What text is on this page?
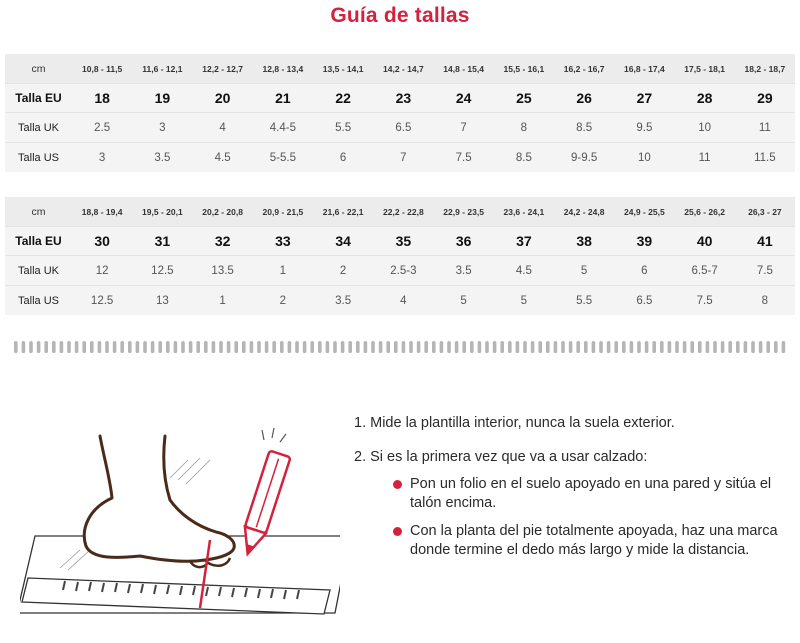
Guía de tallas
cm	10,8 - 11,5	11,6 - 12,1	12,2 - 12,7	12,8 - 13,4	13,5 - 14,1	14,2 - 14,7	14,8 - 15,4	15,5 - 16,1	16,2 - 16,7	16,8 - 17,4	17,5 - 18,1	18,2 - 18,7
Talla EU	18	19	20	21	22	23	24	25	26	27	28	29
Talla UK	2.5	3	4	4.4-5	5.5	6.5	7	8	8.5	9.5	10	11
Talla US	3	3.5	4.5	5-5.5	6	7	7.5	8.5	9-9.5	10	11	11.5
cm	18,8 - 19,4	19,5 - 20,1	20,2 - 20,8	20,9 - 21,5	21,6 - 22,1	22,2 - 22,8	22,9 - 23,5	23,6 - 24,1	24,2 - 24,8	24,9 - 25,5	25,6 - 26,2	26,3 - 27
Talla EU	30	31	32	33	34	35	36	37	38	39	40	41
Talla UK	12	12.5	13.5	1	2	2.5-3	3.5	4.5	5	6	6.5-7	7.5
Talla US	12.5	13	1	2	3.5	4	5	5	5.5	6.5	7.5	8
1. Mide la plantilla interior, nunca la suela exterior.
2. Si es la primera vez que va a usar calzado:
Pon un folio en el suelo apoyado en una pared y sitúa el talón encima.
Con la planta del pie totalmente apoyada, haz una marca donde termine el dedo más largo y mide la distancia.
